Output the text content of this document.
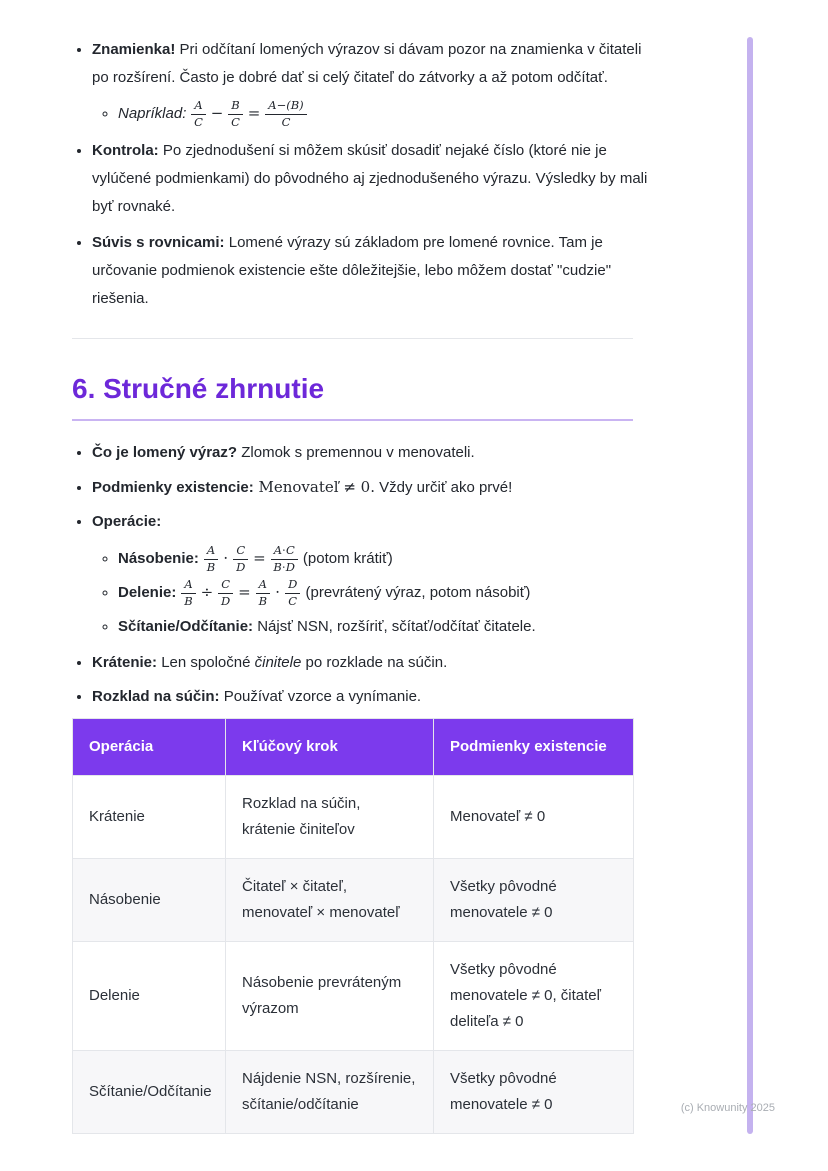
• Znamienka! Pri odčítaní lomených výrazov si dávam pozor na znamienka v čitateli po rozšírení. Často je dobré dať si celý čitateľ do zátvorky a až potom odčítať.
◦ Napríklad: $\frac{A}{C} - \frac{B}{C} = \frac{A-(B)}{C}$
• Kontrola: Po zjednodušení si môžem skúsiť dosadiť nejaké číslo (ktoré nie je vylúčené podmienkami) do pôvodného aj zjednodušeného výrazu. Výsledky by mali byť rovnaké.
• Súvis s rovnicami: Lomené výrazy sú základom pre lomené rovnice. Tam je určovanie podmienok existencie ešte dôležitejšie, lebo môžem dostať "cudzie" riešenia.
6. Stručné zhrnutie
• Čo je lomený výraz? Zlomok s premennou v menovateli.
• Podmienky existencie: Menovateľ ≠ 0. Vždy určiť ako prvé!
• Operácie:
◦ Násobenie: $\frac{A}{B} \cdot \frac{C}{D} = \frac{A\cdot C}{B\cdot D}$ (potom krátiť)
◦ Delenie: $\frac{A}{B} \div \frac{C}{D} = \frac{A}{B} \cdot \frac{D}{C}$ (prevrátený výraz, potom násobiť)
◦ Sčítanie/Odčítanie: Nájsť NSN, rozšíriť, sčítať/odčítať čitatele.
• Krátenie: Len spoločné činitele po rozklade na súčin.
• Rozklad na súčin: Používať vzorce a vynímanie.
Operácia	Kľúčový krok	Podmienky existencie
Krátenie	Rozklad na súčin, krátenie činiteľov	Menovateľ ≠ 0
Násobenie	Čitateľ × čitateľ, menovateľ × menovateľ	Všetky pôvodné menovatele ≠ 0
Delenie	Násobenie prevráteným výrazom	Všetky pôvodné menovatele ≠ 0, čitateľ deliteľa ≠ 0
Sčítanie/Odčítanie	Nájdenie NSN, rozšírenie, sčítanie/odčítanie	Všetky pôvodné menovatele ≠ 0	(c) Knowunity 2025
